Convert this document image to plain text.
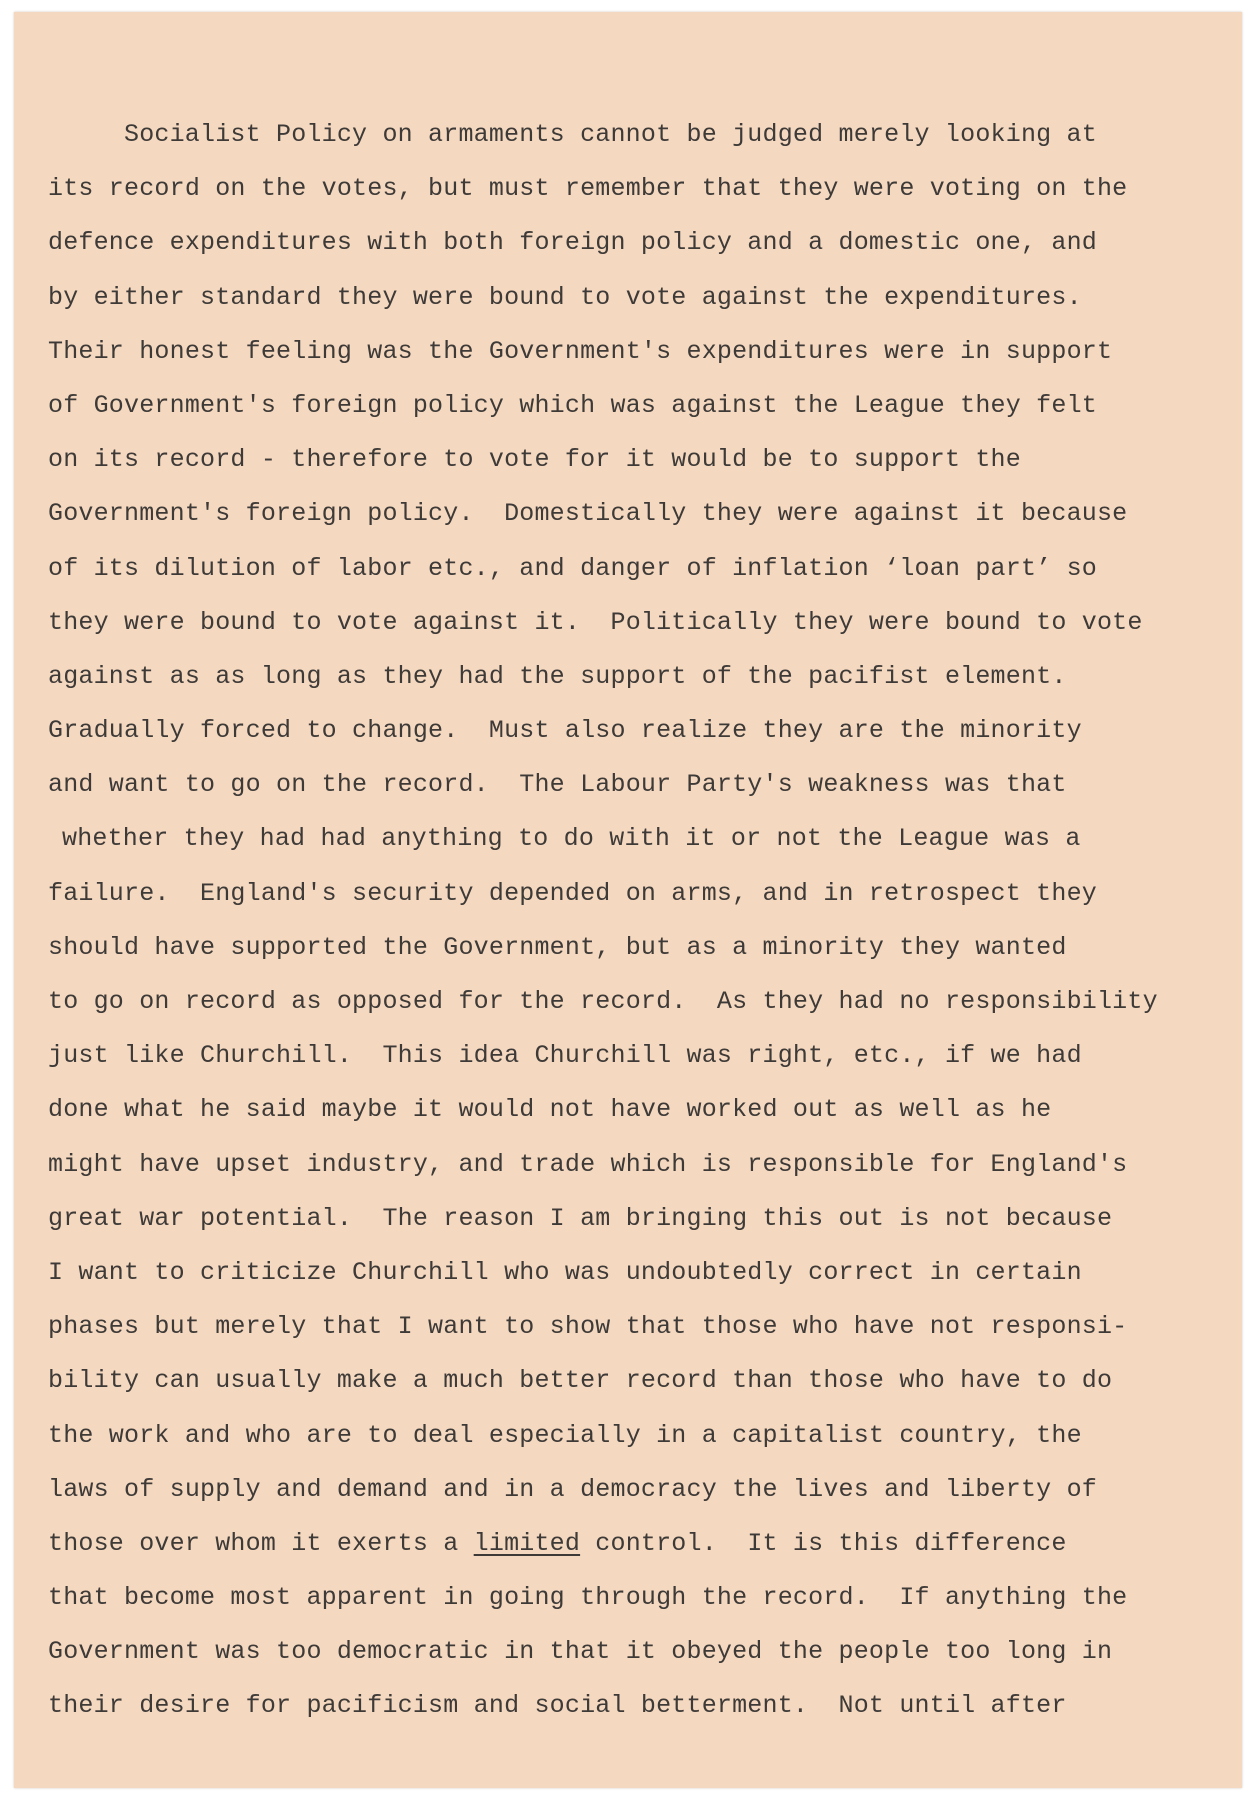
Socialist Policy on armaments cannot be judged merely looking at
its record on the votes, but must remember that they were voting on the
defence expenditures with both foreign policy and a domestic one, and
by either standard they were bound to vote against the expenditures.
Their honest feeling was the Government's expenditures were in support
of Government's foreign policy which was against the League they felt
on its record - therefore to vote for it would be to support the
Government's foreign policy.  Domestically they were against it because
of its dilution of labor etc., and danger of inflation ‘loan part’ so
they were bound to vote against it.  Politically they were bound to vote
against as as long as they had the support of the pacifist element.
Gradually forced to change.  Must also realize they are the minority
and want to go on the record.  The Labour Party's weakness was that
whether they had had anything to do with it or not the League was a
failure.  England's security depended on arms, and in retrospect they
should have supported the Government, but as a minority they wanted
to go on record as opposed for the record.  As they had no responsibility
just like Churchill.  This idea Churchill was right, etc., if we had
done what he said maybe it would not have worked out as well as he
might have upset industry, and trade which is responsible for England's
great war potential.  The reason I am bringing this out is not because
I want to criticize Churchill who was undoubtedly correct in certain
phases but merely that I want to show that those who have not responsi-
bility can usually make a much better record than those who have to do
the work and who are to deal especially in a capitalist country, the
laws of supply and demand and in a democracy the lives and liberty of
those over whom it exerts a limited control.  It is this difference
that become most apparent in going through the record.  If anything the
Government was too democratic in that it obeyed the people too long in
their desire for pacificism and social betterment.  Not until after
